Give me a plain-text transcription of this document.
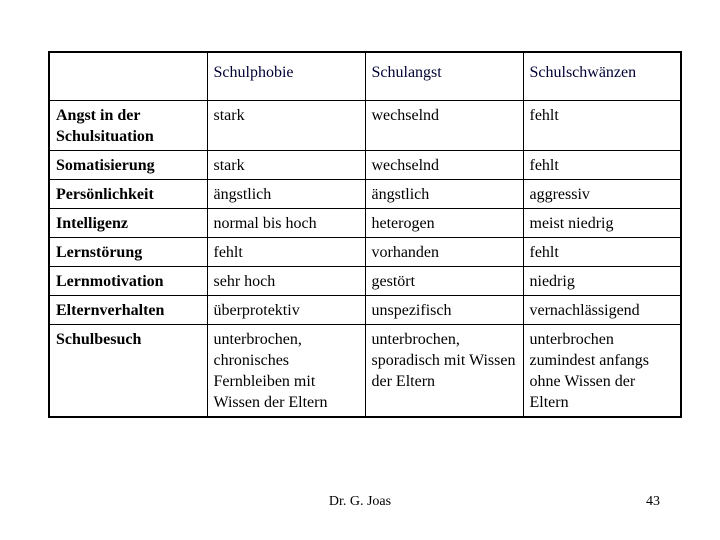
	Schulphobie	Schulangst	Schulschwänzen
Angst in der Schulsituation	stark	wechselnd	fehlt
Somatisierung	stark	wechselnd	fehlt
Persönlichkeit	ängstlich	ängstlich	aggressiv
Intelligenz	normal bis hoch	heterogen	meist niedrig
Lernstörung	fehlt	vorhanden	fehlt
Lernmotivation	sehr hoch	gestört	niedrig
Elternverhalten	überprotektiv	unspezifisch	vernachlässigend
Schulbesuch	unterbrochen, chronisches Fernbleiben mit Wissen der Eltern	unterbrochen, sporadisch mit Wissen der Eltern	unterbrochen zumindest anfangs ohne Wissen der Eltern
Dr. G. Joas	43
